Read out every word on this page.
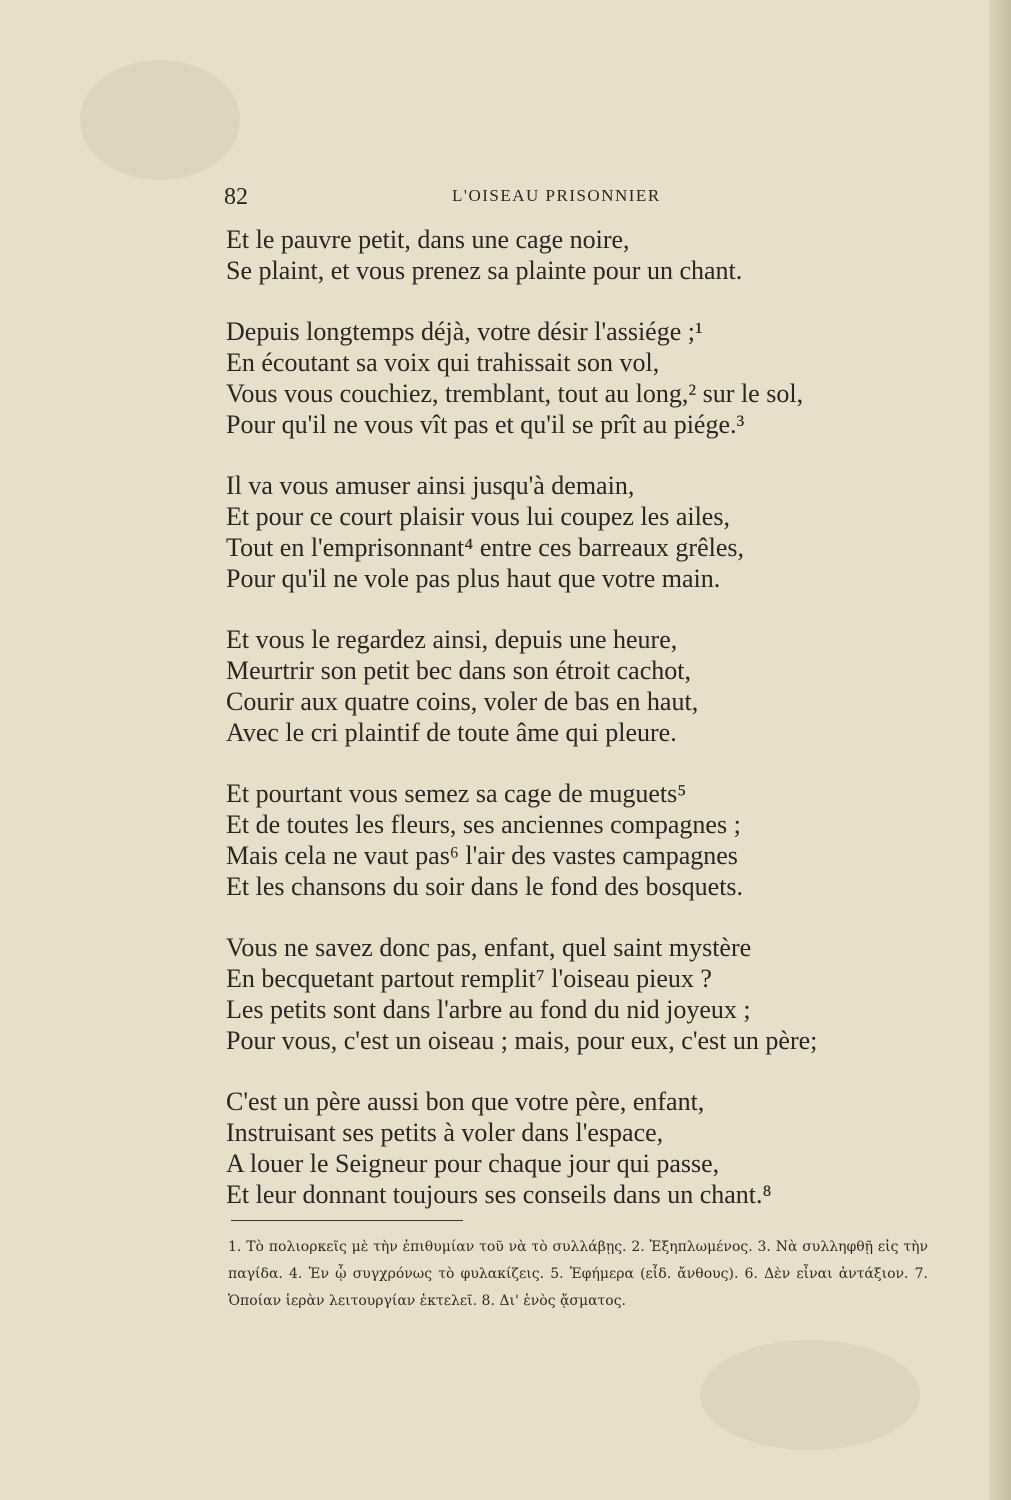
82	L'OISEAU PRISONNIER
Et le pauvre petit, dans une cage noire,
Se plaint, et vous prenez sa plainte pour un chant.
Depuis longtemps déjà, votre désir l'assiége ;¹
En écoutant sa voix qui trahissait son vol,
Vous vous couchiez, tremblant, tout au long,² sur le sol,
Pour qu'il ne vous vît pas et qu'il se prît au piége.³
Il va vous amuser ainsi jusqu'à demain,
Et pour ce court plaisir vous lui coupez les ailes,
Tout en l'emprisonnant⁴ entre ces barreaux grêles,
Pour qu'il ne vole pas plus haut que votre main.
Et vous le regardez ainsi, depuis une heure,
Meurtrir son petit bec dans son étroit cachot,
Courir aux quatre coins, voler de bas en haut,
Avec le cri plaintif de toute âme qui pleure.
Et pourtant vous semez sa cage de muguets⁵
Et de toutes les fleurs, ses anciennes compagnes ;
Mais cela ne vaut pas⁶ l'air des vastes campagnes
Et les chansons du soir dans le fond des bosquets.
Vous ne savez donc pas, enfant, quel saint mystère
En becquetant partout remplit⁷ l'oiseau pieux ?
Les petits sont dans l'arbre au fond du nid joyeux ;
Pour vous, c'est un oiseau ; mais, pour eux, c'est un père;
C'est un père aussi bon que votre père, enfant,
Instruisant ses petits à voler dans l'espace,
A louer le Seigneur pour chaque jour qui passe,
Et leur donnant toujours ses conseils dans un chant.⁸
1. Τὸ πολιορκεῖς μὲ τὴν ἐπιθυμίαν τοῦ νὰ τὸ συλλάβῃς. 2. Ἐξηπλωμένος. 3. Νὰ συλληφθῇ εἰς τὴν παγίδα. 4. Ἐν ᾧ συγχρόνως τὸ φυλακίζεις. 5. Ἐφήμερα (εἶδ. ἄνθους). 6. Δὲν εἶναι ἀντάξιον. 7. Ὁποίαν ἱερὰν λειτουργίαν ἐκτελεῖ. 8. Δι' ἑνὸς ᾄσματος.
